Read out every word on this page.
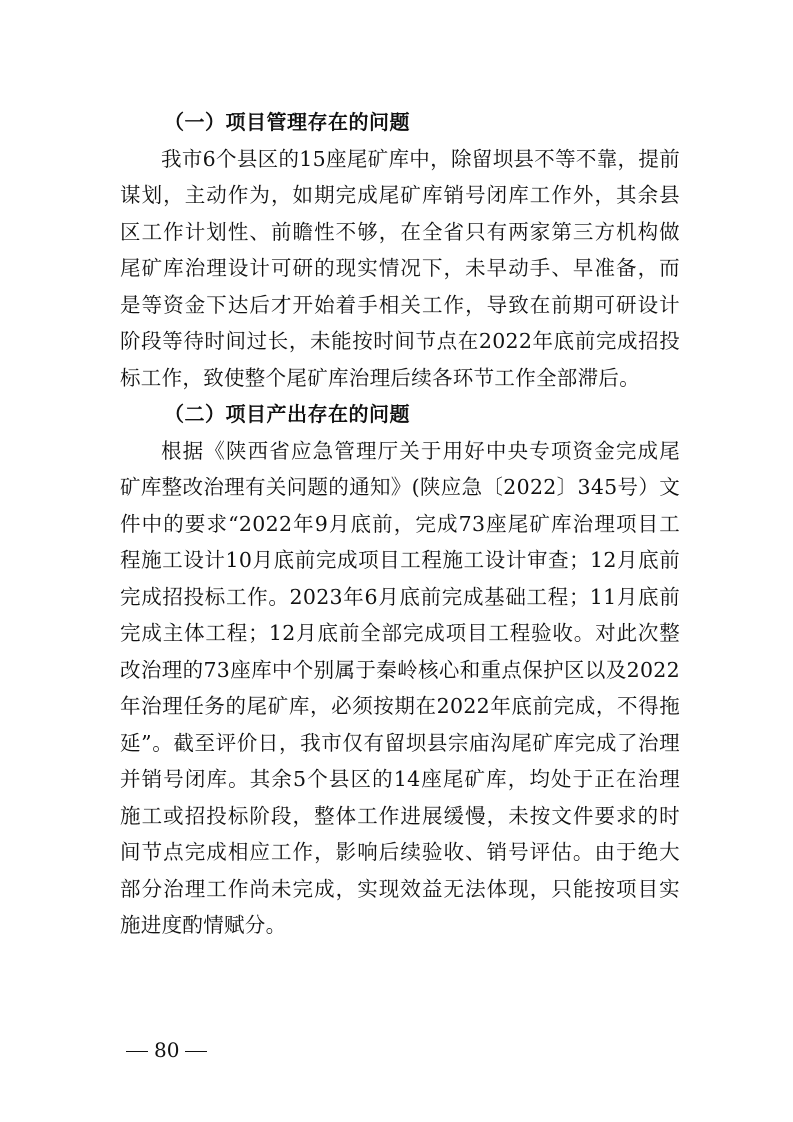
（一）项目管理存在的问题

我市6个县区的15座尾矿库中，除留坝县不等不靠，提前谋划，主动作为，如期完成尾矿库销号闭库工作外，其余县区工作计划性、前瞻性不够，在全省只有两家第三方机构做尾矿库治理设计可研的现实情况下，未早动手、早准备，而是等资金下达后才开始着手相关工作，导致在前期可研设计阶段等待时间过长，未能按时间节点在2022年底前完成招投标工作，致使整个尾矿库治理后续各环节工作全部滞后。

（二）项目产出存在的问题

根据《陕西省应急管理厅关于用好中央专项资金完成尾矿库整改治理有关问题的通知》(陕应急〔2022〕345号）文件中的要求“2022年9月底前，完成73座尾矿库治理项目工程施工设计10月底前完成项目工程施工设计审查；12月底前完成招投标工作。2023年6月底前完成基础工程；11月底前完成主体工程；12月底前全部完成项目工程验收。对此次整改治理的73座库中个别属于秦岭核心和重点保护区以及2022年治理任务的尾矿库，必须按期在2022年底前完成，不得拖延”。截至评价日，我市仅有留坝县宗庙沟尾矿库完成了治理并销号闭库。其余5个县区的14座尾矿库，均处于正在治理施工或招投标阶段，整体工作进展缓慢，未按文件要求的时间节点完成相应工作，影响后续验收、销号评估。由于绝大部分治理工作尚未完成，实现效益无法体现，只能按项目实施进度酌情赋分。

80
